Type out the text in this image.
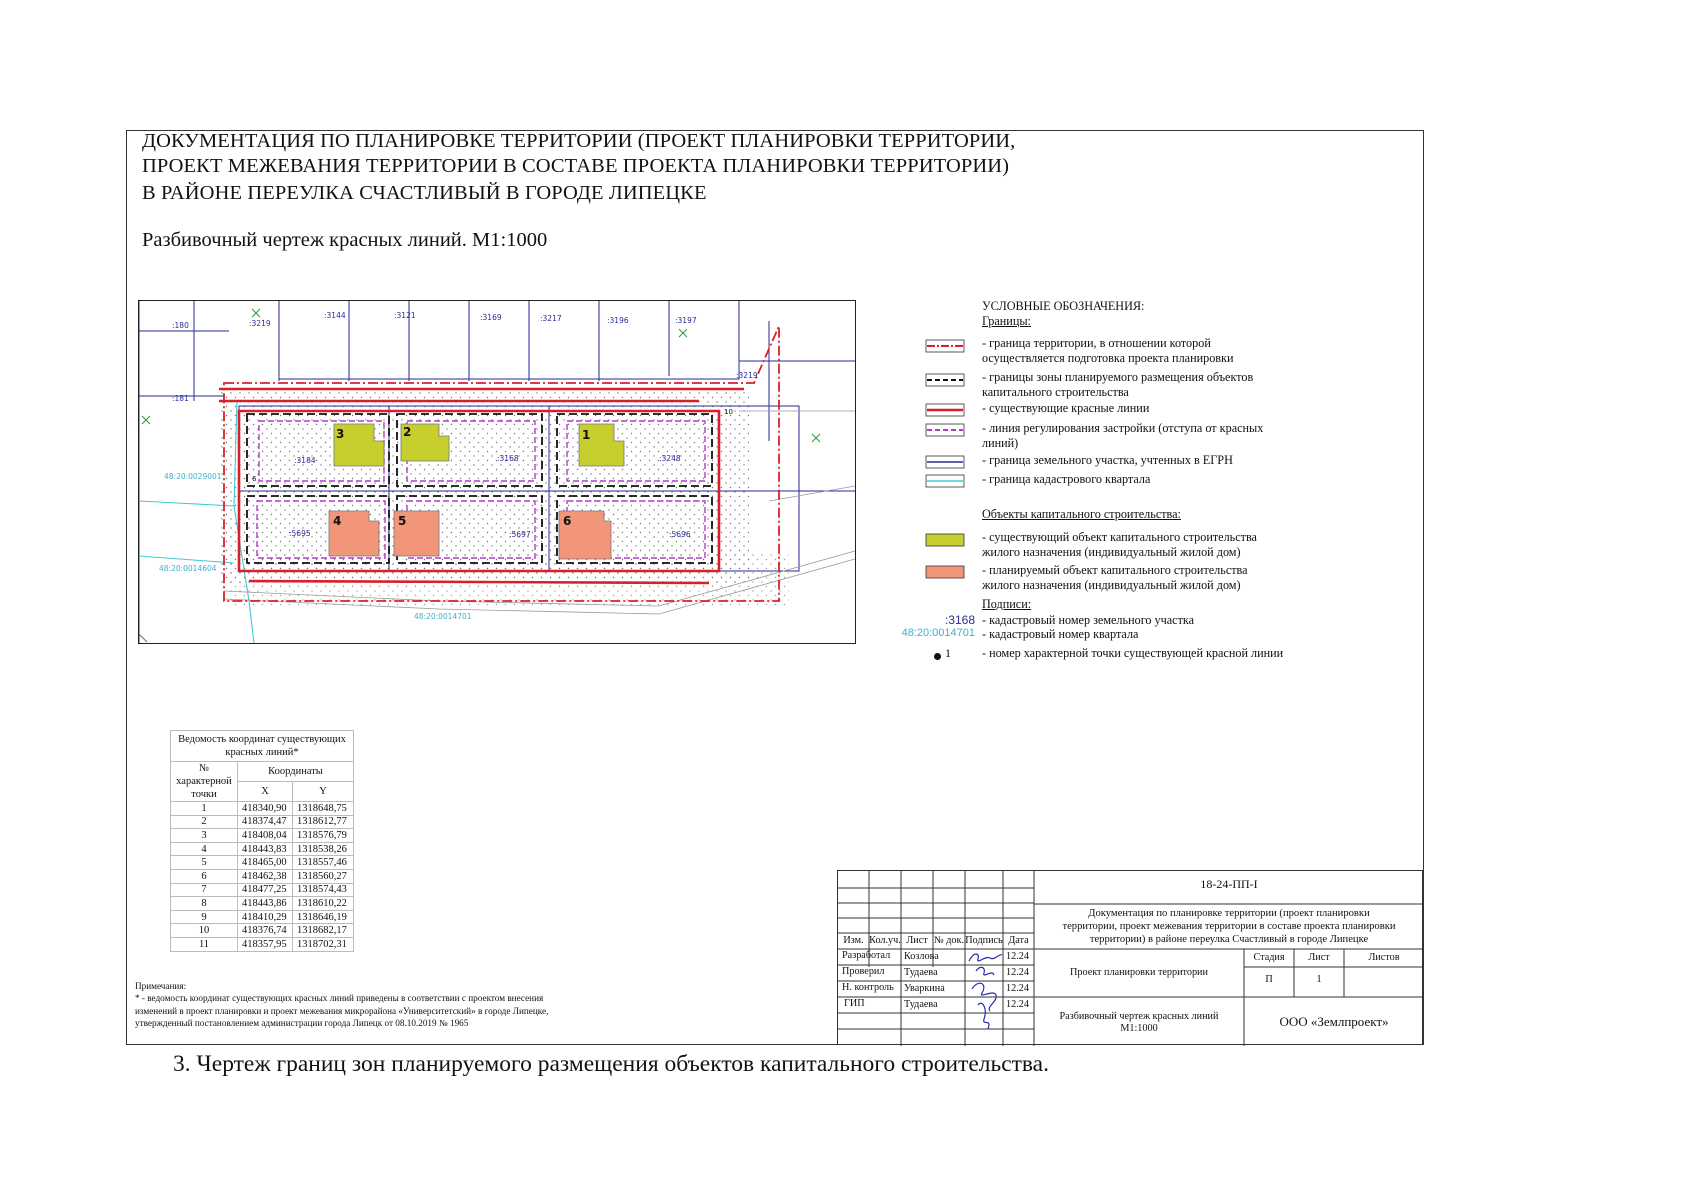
ДОКУМЕНТАЦИЯ ПО ПЛАНИРОВКЕ ТЕРРИТОРИИ (ПРОЕКТ ПЛАНИРОВКИ ТЕРРИТОРИИ,
ПРОЕКТ МЕЖЕВАНИЯ ТЕРРИТОРИИ В СОСТАВЕ ПРОЕКТА ПЛАНИРОВКИ ТЕРРИТОРИИ)
В РАЙОНЕ ПЕРЕУЛКА СЧАСТЛИВЫЙ В ГОРОДЕ ЛИПЕЦКЕ
Разбивочный чертеж красных линий. М1:1000
1
2
3
4	5	6
:180	:3219
:3144	:3121	:3169	:3217	:3196	:3197
:181
:3219
:3184	:3168	:3248
:5695	:5697	:5696
48:20:0029001
48:20:0014604
48:20:0014701
6
10
УСЛОВНЫЕ ОБОЗНАЧЕНИЯ:
Границы:
- граница территории, в отношении которой
осуществляется подготовка проекта планировки
- границы зоны планируемого размещения объектов
капитального строительства
- существующие красные линии
- линия регулирования застройки (отступа от красных
линий)
- граница земельного участка, учтенных в ЕГРН
- граница кадастрового квартала
Объекты капитального строительства:
- существующий объект капитального строительства
жилого назначения (индивидуальный жилой дом)
- планируемый объект капитального строительства
жилого назначения (индивидуальный жилой дом)
Подписи:
:3168 - кадастровый номер земельного участка
48:20:0014701 - кадастровый номер квартала
1	- номер характерной точки существующей красной линии
Ведомость координат существующих
красных линий*		

№ характерной
точки	Координаты	
	X	Y
1	418340,90	1318648,75
2	418374,47	1318612,77
3	418408,04	1318576,79
4	418443,83	1318538,26
5	418465,00	1318557,46
6	418462,38	1318560,27
7	418477,25	1318574,43
8	418443,86	1318610,22
9	418410,29	1318646,19
10	418376,74	1318682,17
11	418357,95	1318702,31
Примечания:
* - ведомость координат существующих красных линий приведены в соответствии с проектом внесения
изменений в проект планировки и проект межевания микрорайона «Университетский» в городе Липецке,
утвержденный постановлением администрации города Липецк от 08.10.2019 № 1965
Изм. Кол.уч. Лист № док. Подпись Дата
Разработал Козлова	12.24
Проверил Тудаева	12.24
Н. контроль Уваркина	12.24
ГИП	Тудаева	12.24
18-24-ПП-I
Документация по планировке территории (проект планировки
территории, проект межевания территории в составе проекта планировки
территории) в районе переулка Счастливый в городе Липецке
Проект планировки территории
Стадия	Лист	Листов
П	1
Разбивочный чертеж красных линий
М1:1000	ООО «Землпроект»
3. Чертеж границ зон планируемого размещения объектов капитального строительства.
